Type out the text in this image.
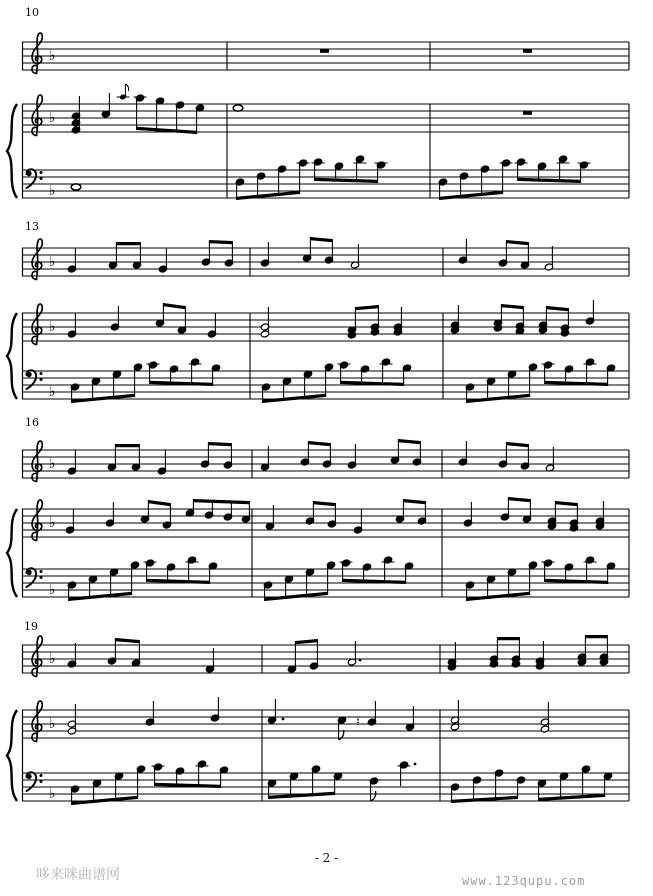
♭
♭
♭
♭
♭
♭
♭
♭
♭
♭
♭
♭
♮
10
13
16
19
- 2 -
哆来咪曲谱网	www.123qupu.com
